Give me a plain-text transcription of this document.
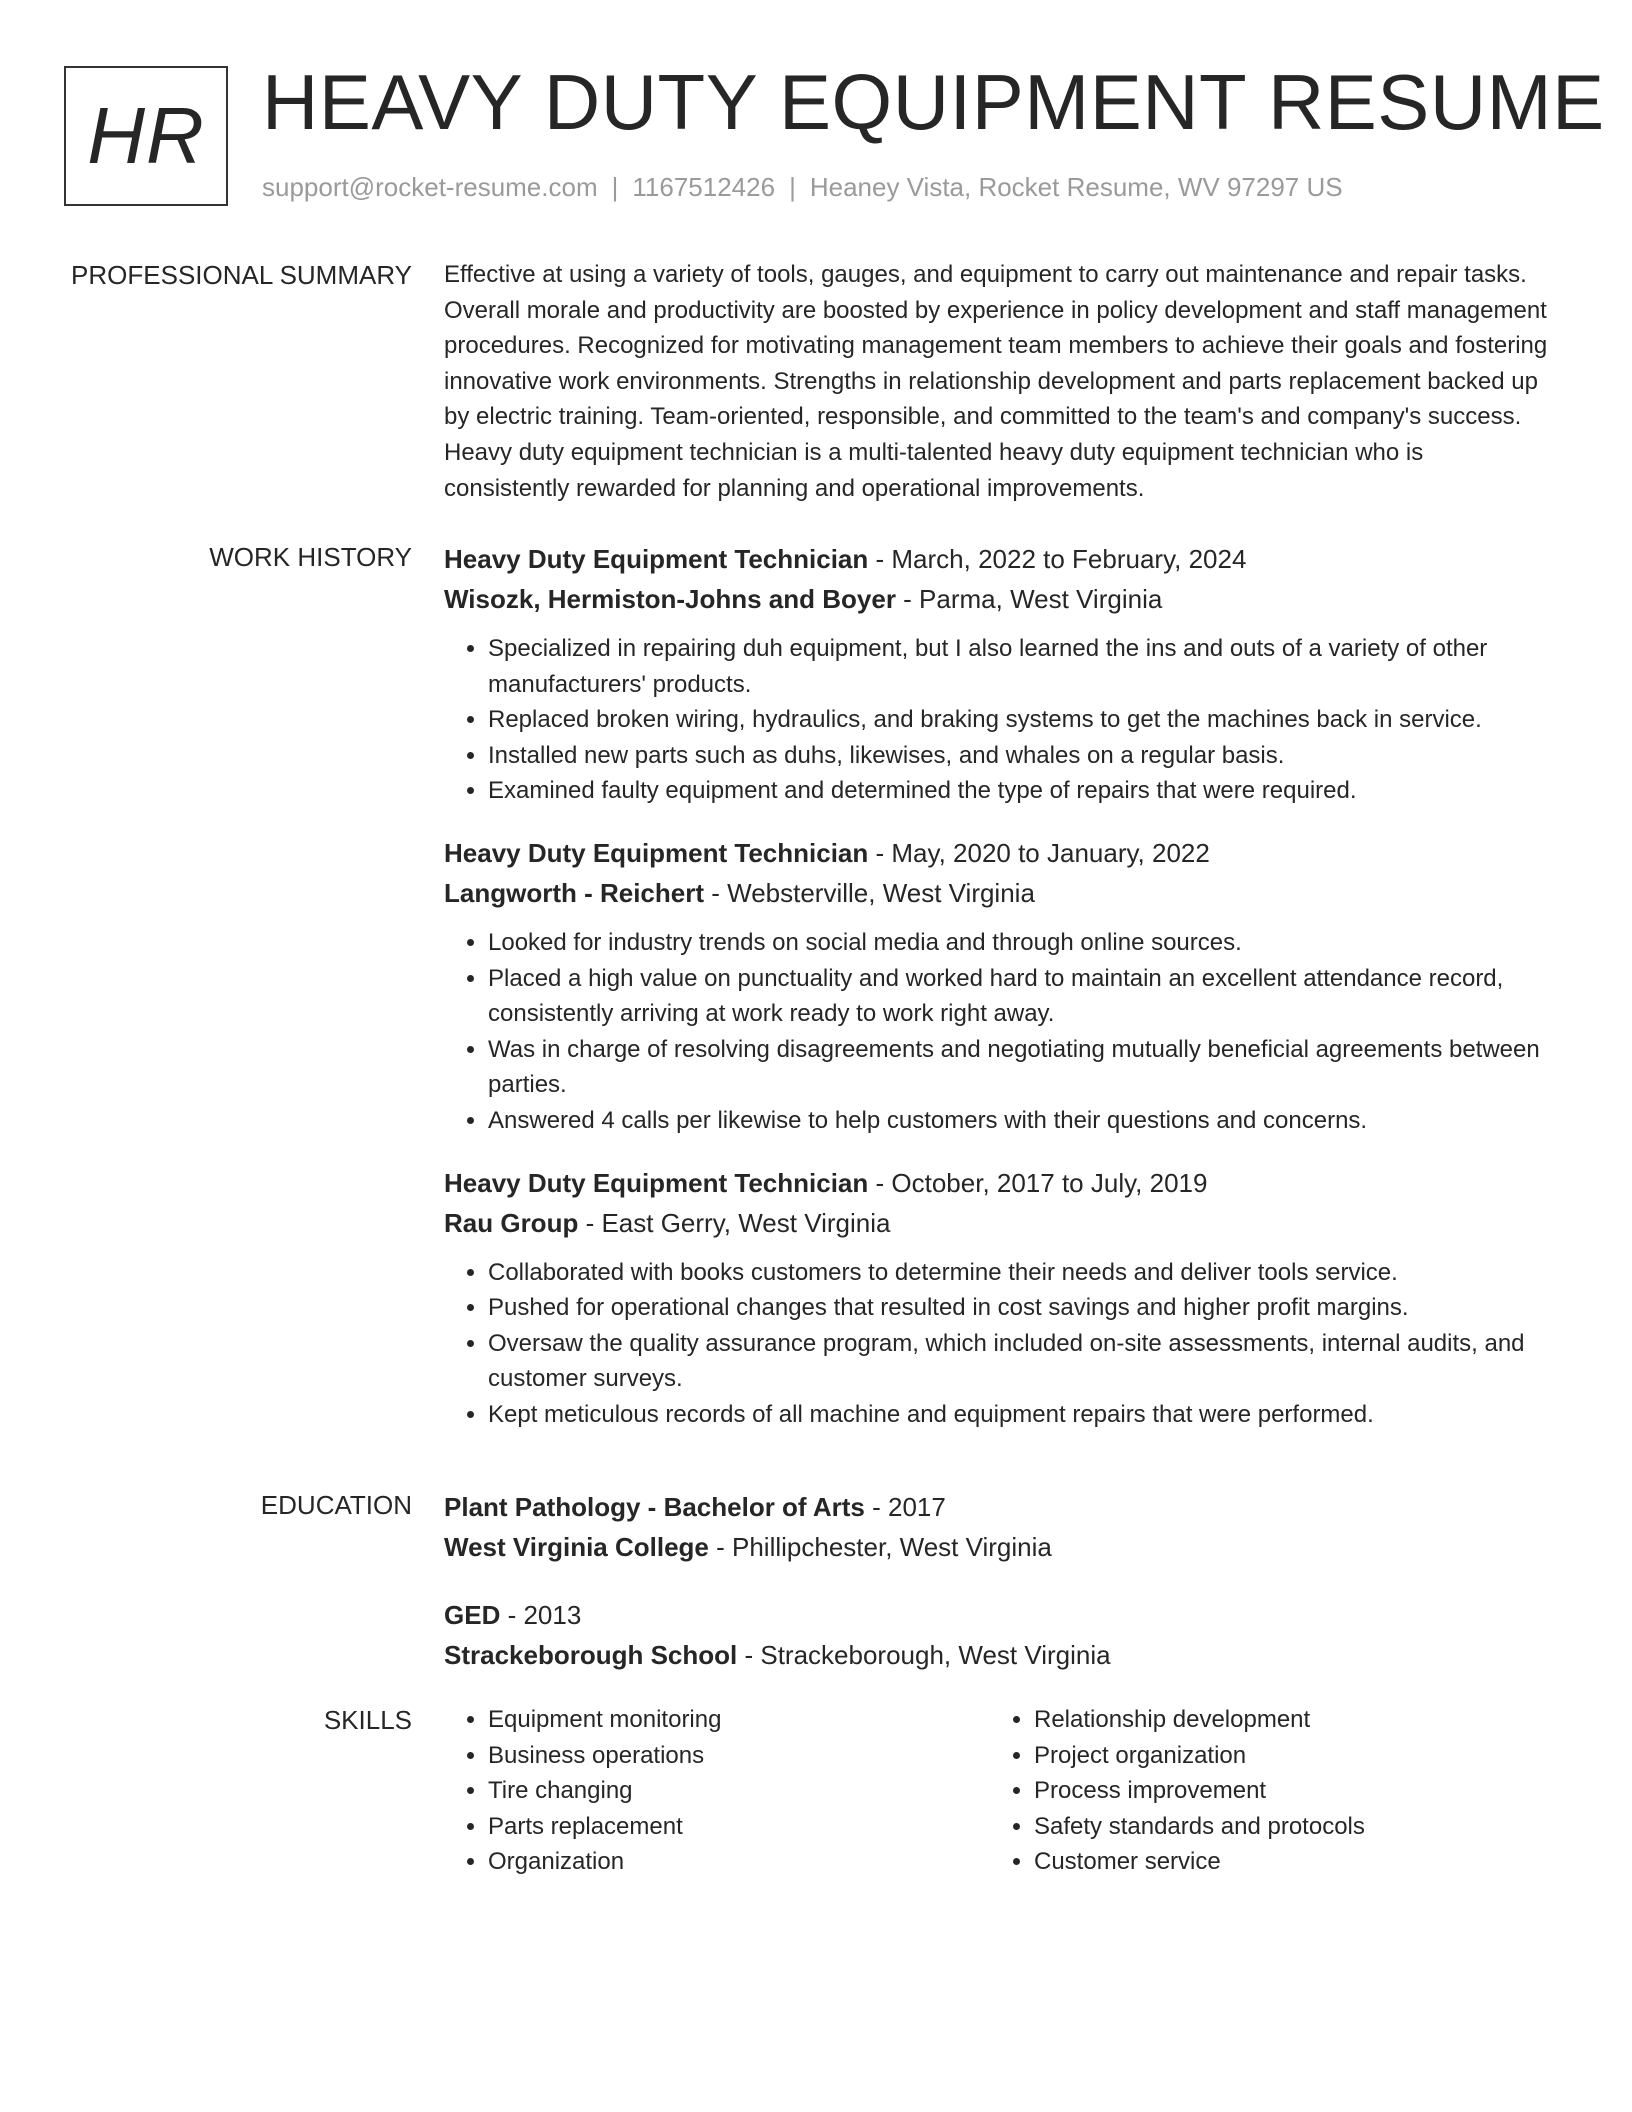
HR HEAVY DUTY EQUIPMENT RESUME
support@rocket-resume.com | 1167512426 | Heaney Vista, Rocket Resume, WV 97297 US
PROFESSIONAL SUMMARY Effective at using a variety of tools, gauges, and equipment to carry out maintenance and repair tasks. Overall morale and productivity are boosted by experience in policy development and staff management procedures. Recognized for motivating management team members to achieve their goals and fostering innovative work environments. Strengths in relationship development and parts replacement backed up by electric training. Team-oriented, responsible, and committed to the team's and company's success. Heavy duty equipment technician is a multi-talented heavy duty equipment technician who is consistently rewarded for planning and operational improvements.

WORK HISTORY Heavy Duty Equipment Technician - March, 2022 to February, 2024
Wisozk, Hermiston-Johns and Boyer - Parma, West Virginia
• Specialized in repairing duh equipment, but I also learned the ins and outs of a variety of other manufacturers' products.
• Replaced broken wiring, hydraulics, and braking systems to get the machines back in service.
• Installed new parts such as duhs, likewises, and whales on a regular basis.
• Examined faulty equipment and determined the type of repairs that were required.
Heavy Duty Equipment Technician - May, 2020 to January, 2022
Langworth - Reichert - Websterville, West Virginia
• Looked for industry trends on social media and through online sources.
• Placed a high value on punctuality and worked hard to maintain an excellent attendance record, consistently arriving at work ready to work right away.
• Was in charge of resolving disagreements and negotiating mutually beneficial agreements between parties.
• Answered 4 calls per likewise to help customers with their questions and concerns.
Heavy Duty Equipment Technician - October, 2017 to July, 2019
Rau Group - East Gerry, West Virginia
• Collaborated with books customers to determine their needs and deliver tools service.
• Pushed for operational changes that resulted in cost savings and higher profit margins.
• Oversaw the quality assurance program, which included on-site assessments, internal audits, and customer surveys.
• Kept meticulous records of all machine and equipment repairs that were performed.
EDUCATION Plant Pathology - Bachelor of Arts - 2017
West Virginia College - Phillipchester, West Virginia
GED - 2013
Strackeborough School - Strackeborough, West Virginia
SKILLS
•	Equipment monitoring
• Business operations
• Tire changing
• Parts replacement
• Organization
• Relationship development
• Project organization
• Process improvement
• Safety standards and protocols
• Customer service
